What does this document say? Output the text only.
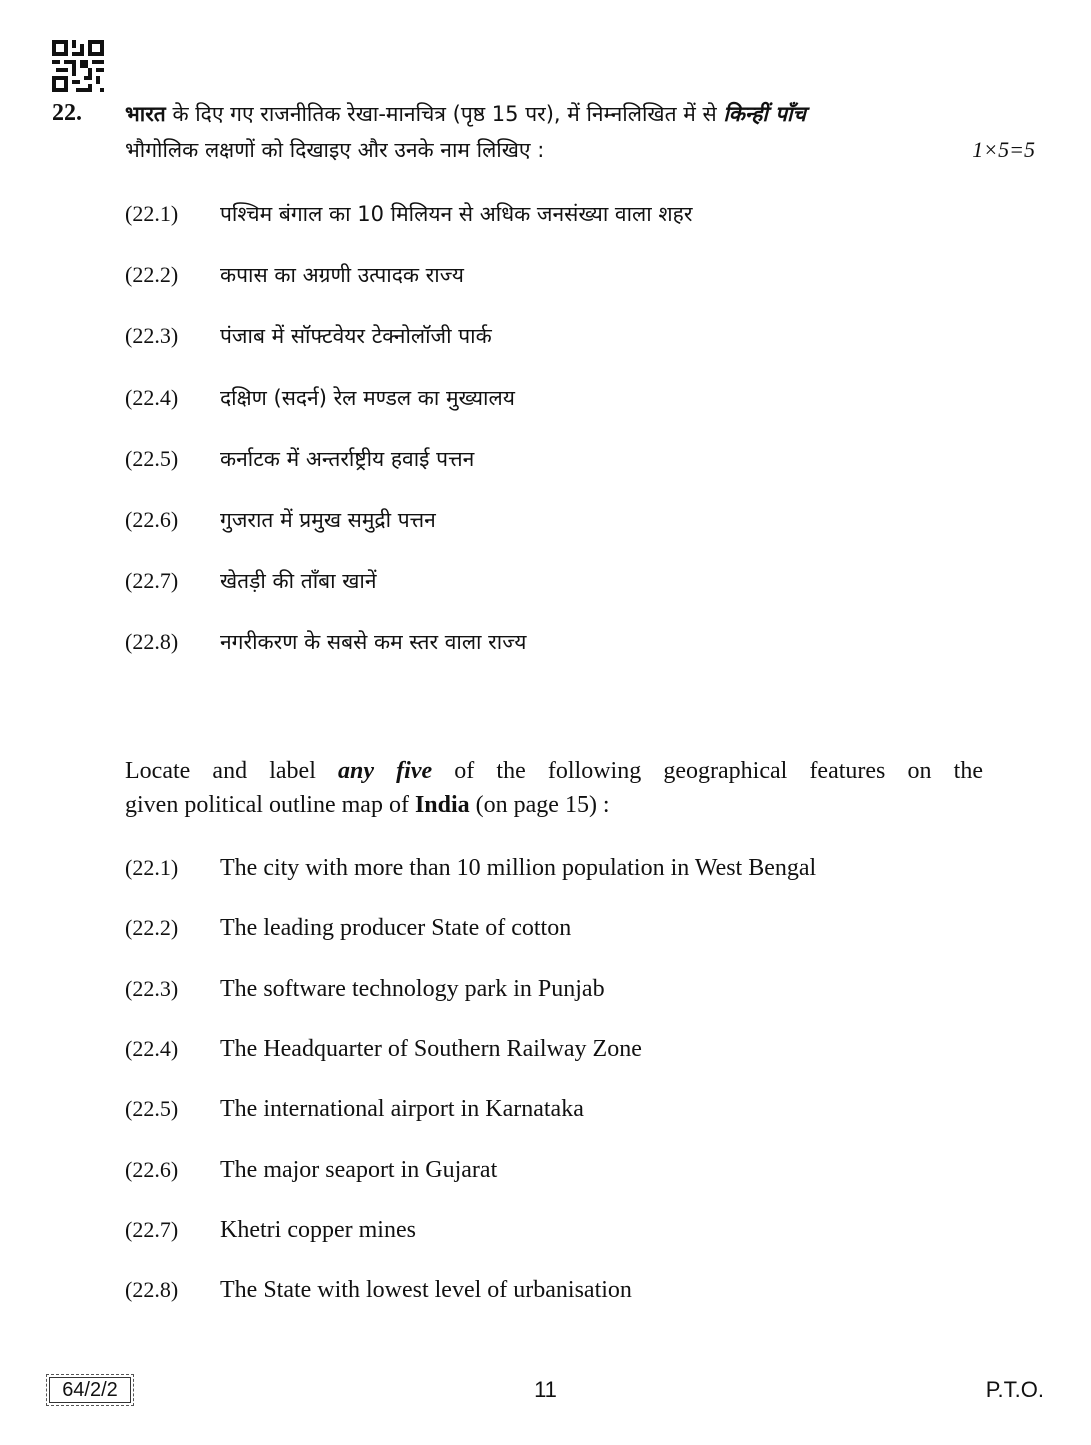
22. भारत के दिए गए राजनीतिक रेखा-मानचित्र (पृष्ठ 15 पर), में निम्नलिखित में से किन्हीं पाँच
भौगोलिक लक्षणों को दिखाइए और उनके नाम लिखिए :	1×5=5
(22.1) पश्चिम बंगाल का 10 मिलियन से अधिक जनसंख्या वाला शहर
(22.2) कपास का अग्रणी उत्पादक राज्य
(22.3) पंजाब में सॉफ्टवेयर टेक्नोलॉजी पार्क
(22.4) दक्षिण (सदर्न) रेल मण्डल का मुख्यालय
(22.5) कर्नाटक में अन्तर्राष्ट्रीय हवाई पत्तन
(22.6) गुजरात में प्रमुख समुद्री पत्तन
(22.7) खेतड़ी की ताँबा खानें
(22.8) नगरीकरण के सबसे कम स्तर वाला राज्य
Locate and label any five of the following geographical features on the
given political outline map of India (on page 15) :
(22.1) The city with more than 10 million population in West Bengal
(22.2) The leading producer State of cotton
(22.3) The software technology park in Punjab
(22.4) The Headquarter of Southern Railway Zone
(22.5) The international airport in Karnataka
(22.6) The major seaport in Gujarat
(22.7) Khetri copper mines
(22.8) The State with lowest level of urbanisation
64/2/2	11	P.T.O.
